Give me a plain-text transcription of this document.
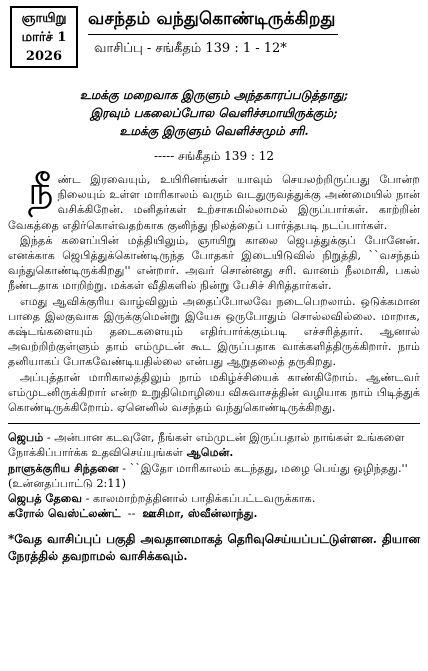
ஞாயிறு
மார்ச் 1
2026
வசந்தம் வந்துகொண்டிருக்கிறது
வாசிப்பு - சங்கீதம் 139 : 1 - 12*
உமக்கு மறைவாக இருளும் அந்தகாரப்படுத்தாது;
இரவும் பகலைப்போல வெளிச்சமாயிருக்கும்;
உமக்கு இருளும் வெளிச்சமும் சரி.
----- சங்கீதம் 139 : 12

நீண்ட இரவையும், உயிரினங்கள் யாவும் செயலற்றிருப்பது போன்ற நிலையும் உள்ள மாரிகாலம் வரும் வடதுருவத்துக்கு அண்மையில் நான் வசிக்கிறேன். மனிதர்கள் உற்சாகமில்லாமல் இருப்பார்கள். காற்றின் வேகத்தை எதிர்கொள்வதற்காக குனிந்து நிலத்தைப் பார்த்தபடி நடப்பார்கள்.

இந்தக் களைப்பின் மத்தியிலும், ஞாயிறு காலை ஜெபத்துக்குப் போனேன். எனக்காக ஜெபித்துக்கொண்டிருந்த போதகர் இடையிடுவில் நிறுத்தி, ``வசந்தம் வந்துகொண்டிருக்கிறது'' என்றார். அவர் சொன்னது சரி. வானம் நீலமாகி, பகல் நீண்டதாக மாறிற்று. மக்கள் வீதிகளில் நின்று பேசிச் சிரித்தார்கள்.

எமது ஆவிக்குரிய வாழ்விலும் அதைப்போலவே நடைபெறலாம். ஒடுக்கமான பாதை இலகுவாக இருக்குமென்று இயேசு ஒருபோதும் சொல்லவில்லை. மாறாக, கஷ்டங்களையும் தடைகளையும் எதிர்பார்க்கும்படி எச்சரித்தார். ஆனால் அவற்றிற்குள்ளும் தாம் எம்முடன் கூட இருப்பதாக வாக்களித்திருக்கிறார். நாம் தனியாகப் போகவேண்டியதில்லை என்பது ஆறுதலைத் தருகிறது.

அப்புத்தான் மாரிகாலத்திலும் நாம் மகிழ்ச்சியைக் காண்கிறோம். ஆண்டவர் எம்முடனிருக்கிறார் என்ற உறுதிமொழியை விசுவாசத்தின் வழியாக நாம் பிடித்துக் கொண்டிருக்கிறோம். ஏனெனில் வசந்தம் வந்துகொண்டிருக்கிறது.

ஜெபம் - அன்பான கடவுளே, நீங்கள் எம்முடன் இருப்பதால் நாங்கள் உங்களை நோக்கிப்பார்க்க உதவிசெய்யுங்கள் ஆமென்.
நாளுக்குரிய சிந்தனை - ``இதோ மாரிகாலம் கடந்தது, மழை பெய்து ஒழிந்தது.'' (உன்னதப்பாட்டு 2:11)
ஜெபத் தேவை - காலமாற்றத்தினால் பாதிக்கப்பட்டவருக்காக.
கரோல் வெஸ்ட்லண்ட்  --  ஊசிமா, ஸ்வீன்லாந்து.
*வேத வாசிப்புப் பகுதி அவதானமாகத் தெரிவுசெய்யப்பட்டுள்ளன. தியான நேரத்தில் தவறாமல் வாசிக்கவும்.
